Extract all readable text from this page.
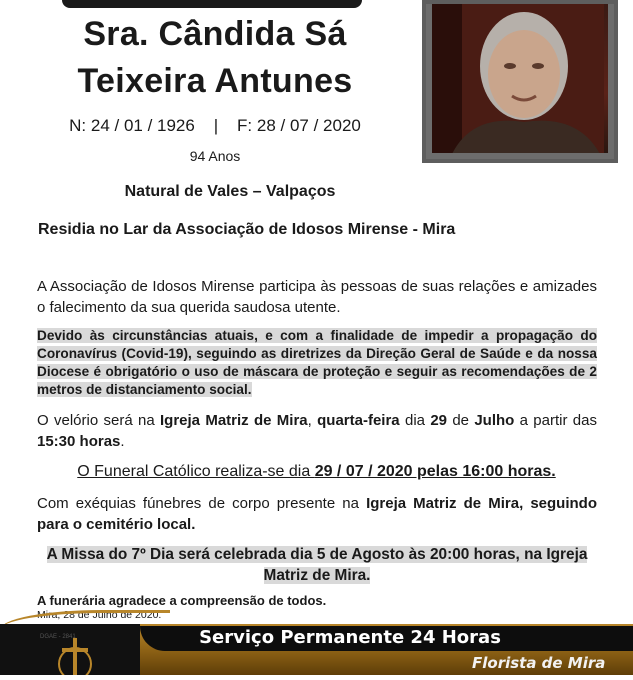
Sra. Cândida Sá
Teixeira Antunes
N: 24 / 01 / 1926    |    F: 28 / 07 / 2020
94 Anos
Natural de Vales – Valpaços
Residia no Lar da Associação de Idosos Mirense - Mira
A Associação de Idosos Mirense participa às pessoas de suas relações e amizades o falecimento da sua querida saudosa utente.
Devido às circunstâncias atuais, e com a finalidade de impedir a propagação do Coronavírus (Covid-19), seguindo as diretrizes da Direção Geral de Saúde e da nossa Diocese é obrigatório o uso de máscara de proteção e seguir as recomendações de 2 metros de distanciamento social.
O velório será na Igreja Matriz de Mira, quarta-feira dia 29 de Julho a partir das 15:30 horas.
O Funeral Católico realiza-se dia 29 / 07 / 2020 pelas 16:00 horas.
Com exéquias fúnebres de corpo presente na Igreja Matriz de Mira, seguindo para o cemitério local.
A Missa do 7º Dia será celebrada dia 5 de Agosto às 20:00 horas, na Igreja Matriz de Mira.
A funerária agradece a compreensão de todos.
Mira, 28 de Julho de 2020.
DGAE - 2841	Serviço Permanente 24 Horas
Florista de Mira
